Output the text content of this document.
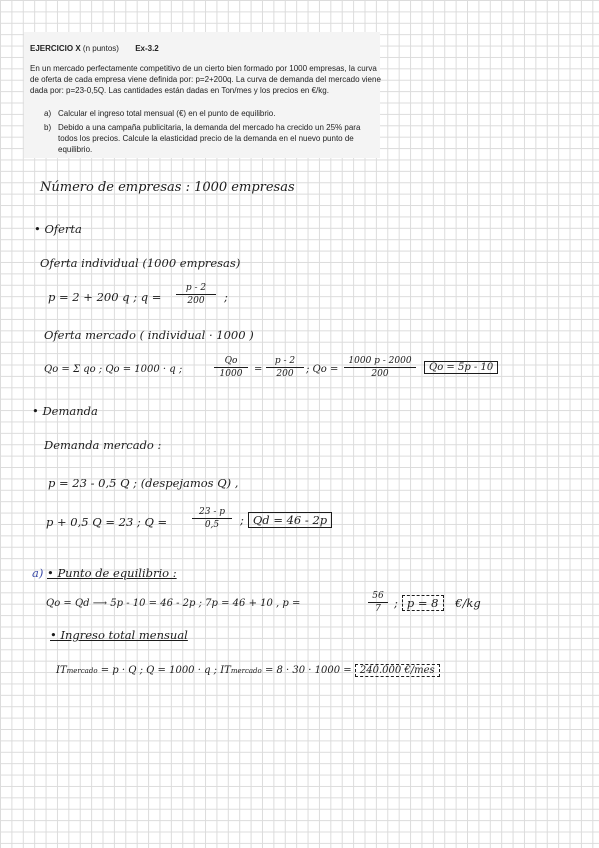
EJERCICIO X (n puntos) Ex-3.2
En un mercado perfectamente competitivo de un cierto bien formado por 1000 empresas, la curva
de oferta de cada empresa viene definida por: p=2+200q. La curva de demanda del mercado viene
dada por: p=23-0,5Q. Las cantidades están dadas en Ton/mes y los precios en €/kg.
a) Calcular el ingreso total mensual (€) en el punto de equilibrio.
b) Debido a una campaña publicitaria, la demanda del mercado ha crecido un 25% para
todos los precios. Calcule la elasticidad precio de la demanda en el nuevo punto de
equilibrio.
Número de empresas : 1000 empresas
• Oferta
Oferta individual (1000 empresas)
p = 2 + 200 q ; $q = \frac{p - 2}{200}$ ;
Oferta mercado ( individual · 1000 )
Qo = Σ qo ; Qo = 1000 · q ;	$\frac{Qo}{1000} = \frac{p - 2}{200}$ ; $Qo = \frac{1000 p - 2000}{200}$	Qo = 5p - 10
• Demanda
Demanda mercado :
p = 23 - 0,5 Q ; (despejamos Q) ,
p + 0,5 Q = 23 ; Q =	$\frac{23 - p}{0,5}$ ; Qd = 46 - 2p
a) • Punto de equilibrio :
Qo = Qd ⟶ 5p - 10 = 46 - 2p ; 7p = 46 + 10 , p =	$\frac{56}{7}$ ; p = 8 €/kg
• Ingreso total mensual
ITmercado = p · Q ; Q = 1000 · q ; ITmercado = 8 · 30 · 1000 = 240.000 €/mes
